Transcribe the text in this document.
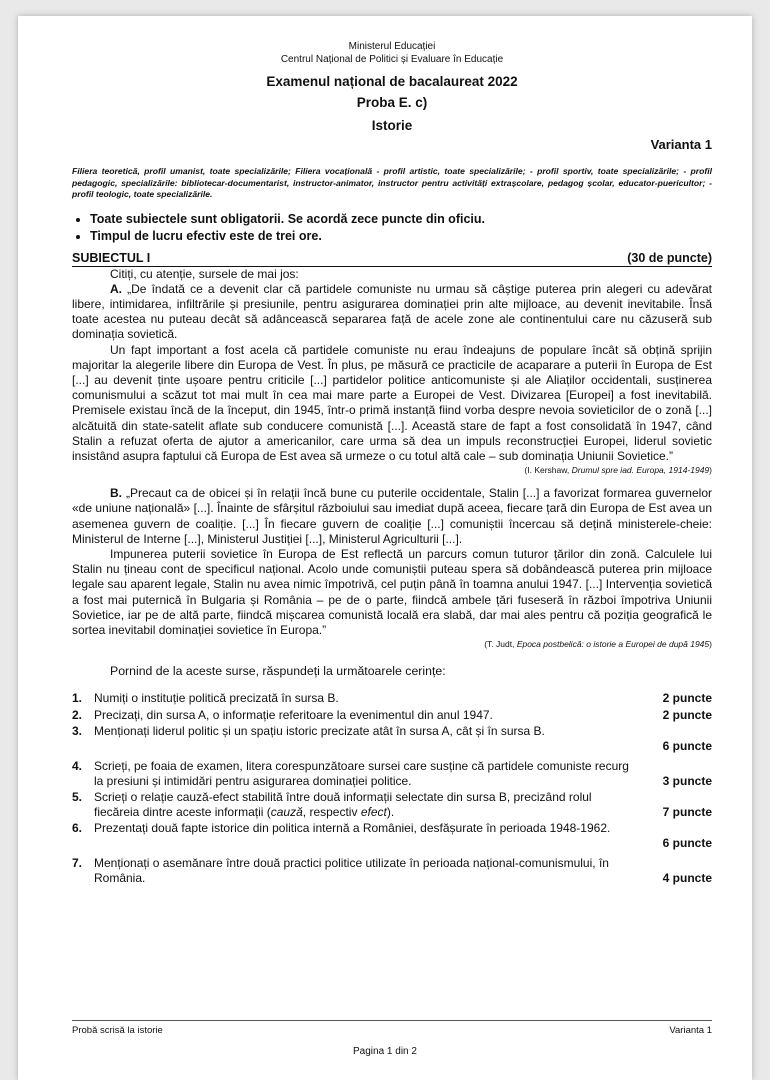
Ministerul Educației
Centrul Național de Politici și Evaluare în Educație
Examenul național de bacalaureat 2022
Proba E. c)
Istorie
Varianta 1
Filiera teoretică, profil umanist, toate specializările; Filiera vocațională - profil artistic, toate specializările; - profil sportiv, toate specializările; - profil pedagogic, specializările: bibliotecar-documentarist, instructor-animator, instructor pentru activități extrașcolare, pedagog școlar, educator-puericultor; - profil teologic, toate specializările.
• Toate subiectele sunt obligatorii. Se acordă zece puncte din oficiu.
• Timpul de lucru efectiv este de trei ore.
SUBIECTUL I	(30 de puncte)

Citiți, cu atenție, sursele de mai jos:

A. „De îndată ce a devenit clar că partidele comuniste nu urmau să câștige puterea prin alegeri cu adevărat libere, intimidarea, infiltrările și presiunile, pentru asigurarea dominației prin alte mijloace, au devenit inevitabile. Însă toate acestea nu puteau decât să adâncească separarea față de acele zone ale continentului care nu căzuseră sub dominația sovietică.

Un fapt important a fost acela că partidele comuniste nu erau îndeajuns de populare încât să obțină sprijin majoritar la alegerile libere din Europa de Vest. În plus, pe măsură ce practicile de acaparare a puterii în Europa de Est [...] au devenit ținte ușoare pentru criticile [...] partidelor politice anticomuniste și ale Aliaților occidentali, susținerea comunismului a scăzut tot mai mult în cea mai mare parte a Europei de Vest. Divizarea [Europei] a fost inevitabilă. Premisele existau încă de la început, din 1945, într-o primă instanță fiind vorba despre nevoia sovieticilor de o zonă [...] alcătuită din state-satelit aflate sub conducere comunistă [...]. Această stare de fapt a fost consolidată în 1947, când Stalin a refuzat oferta de ajutor a americanilor, care urma să dea un impuls reconstrucției Europei, liderul sovietic insistând asupra faptului că Europa de Est avea să urmeze o cu totul altă cale – sub dominația Uniunii Sovietice.”

(I. Kershaw, Drumul spre iad. Europa, 1914-1949)

B. „Precaut ca de obicei și în relații încă bune cu puterile occidentale, Stalin [...] a favorizat formarea guvernelor «de uniune națională» [...]. Înainte de sfârșitul războiului sau imediat după aceea, fiecare țară din Europa de Est avea un asemenea guvern de coaliție. [...] În fiecare guvern de coaliție [...] comuniștii încercau să dețină ministerele-cheie: Ministerul de Interne [...], Ministerul Justiției [...], Ministerul Agriculturii [...].

Impunerea puterii sovietice în Europa de Est reflectă un parcurs comun tuturor țărilor din zonă. Calculele lui Stalin nu țineau cont de specificul național. Acolo unde comuniștii puteau spera să dobândească puterea prin mijloace legale sau aparent legale, Stalin nu avea nimic împotrivă, cel puțin până în toamna anului 1947. [...] Intervenția sovietică a fost mai puternică în Bulgaria și România – pe de o parte, fiindcă ambele țări fuseseră în război împotriva Uniunii Sovietice, iar pe de altă parte, fiindcă mișcarea comunistă locală era slabă, dar mai ales pentru că poziția geografică le sortea inevitabil dominației sovietice în Europa.”

(T. Judt, Epoca postbelică: o istorie a Europei de după 1945)
Pornind de la aceste surse, răspundeți la următoarele cerințe:
1. Numiți o instituție politică precizată în sursa B.	2 puncte
2. Precizați, din sursa A, o informație referitoare la evenimentul din anul 1947.	2 puncte
3. Menționați liderul politic și un spațiu istoric precizate atât în sursa A, cât și în sursa B.
6 puncte
4. Scrieți, pe foaia de examen, litera corespunzătoare sursei care susține că partidele comuniste recurg la presiuni și intimidări pentru asigurarea dominației politice.	3 puncte
5. Scrieți o relație cauză-efect stabilită între două informații selectate din sursa B, precizând rolul fiecăreia dintre aceste informații (cauză, respectiv efect).	7 puncte
6. Prezentați două fapte istorice din politica internă a României, desfășurate în perioada 1948-1962.
6 puncte
7. Menționați o asemănare între două practici politice utilizate în perioada național-comunismului, în România.	4 puncte
Probă scrisă la istorie	Varianta 1
Pagina 1 din 2
